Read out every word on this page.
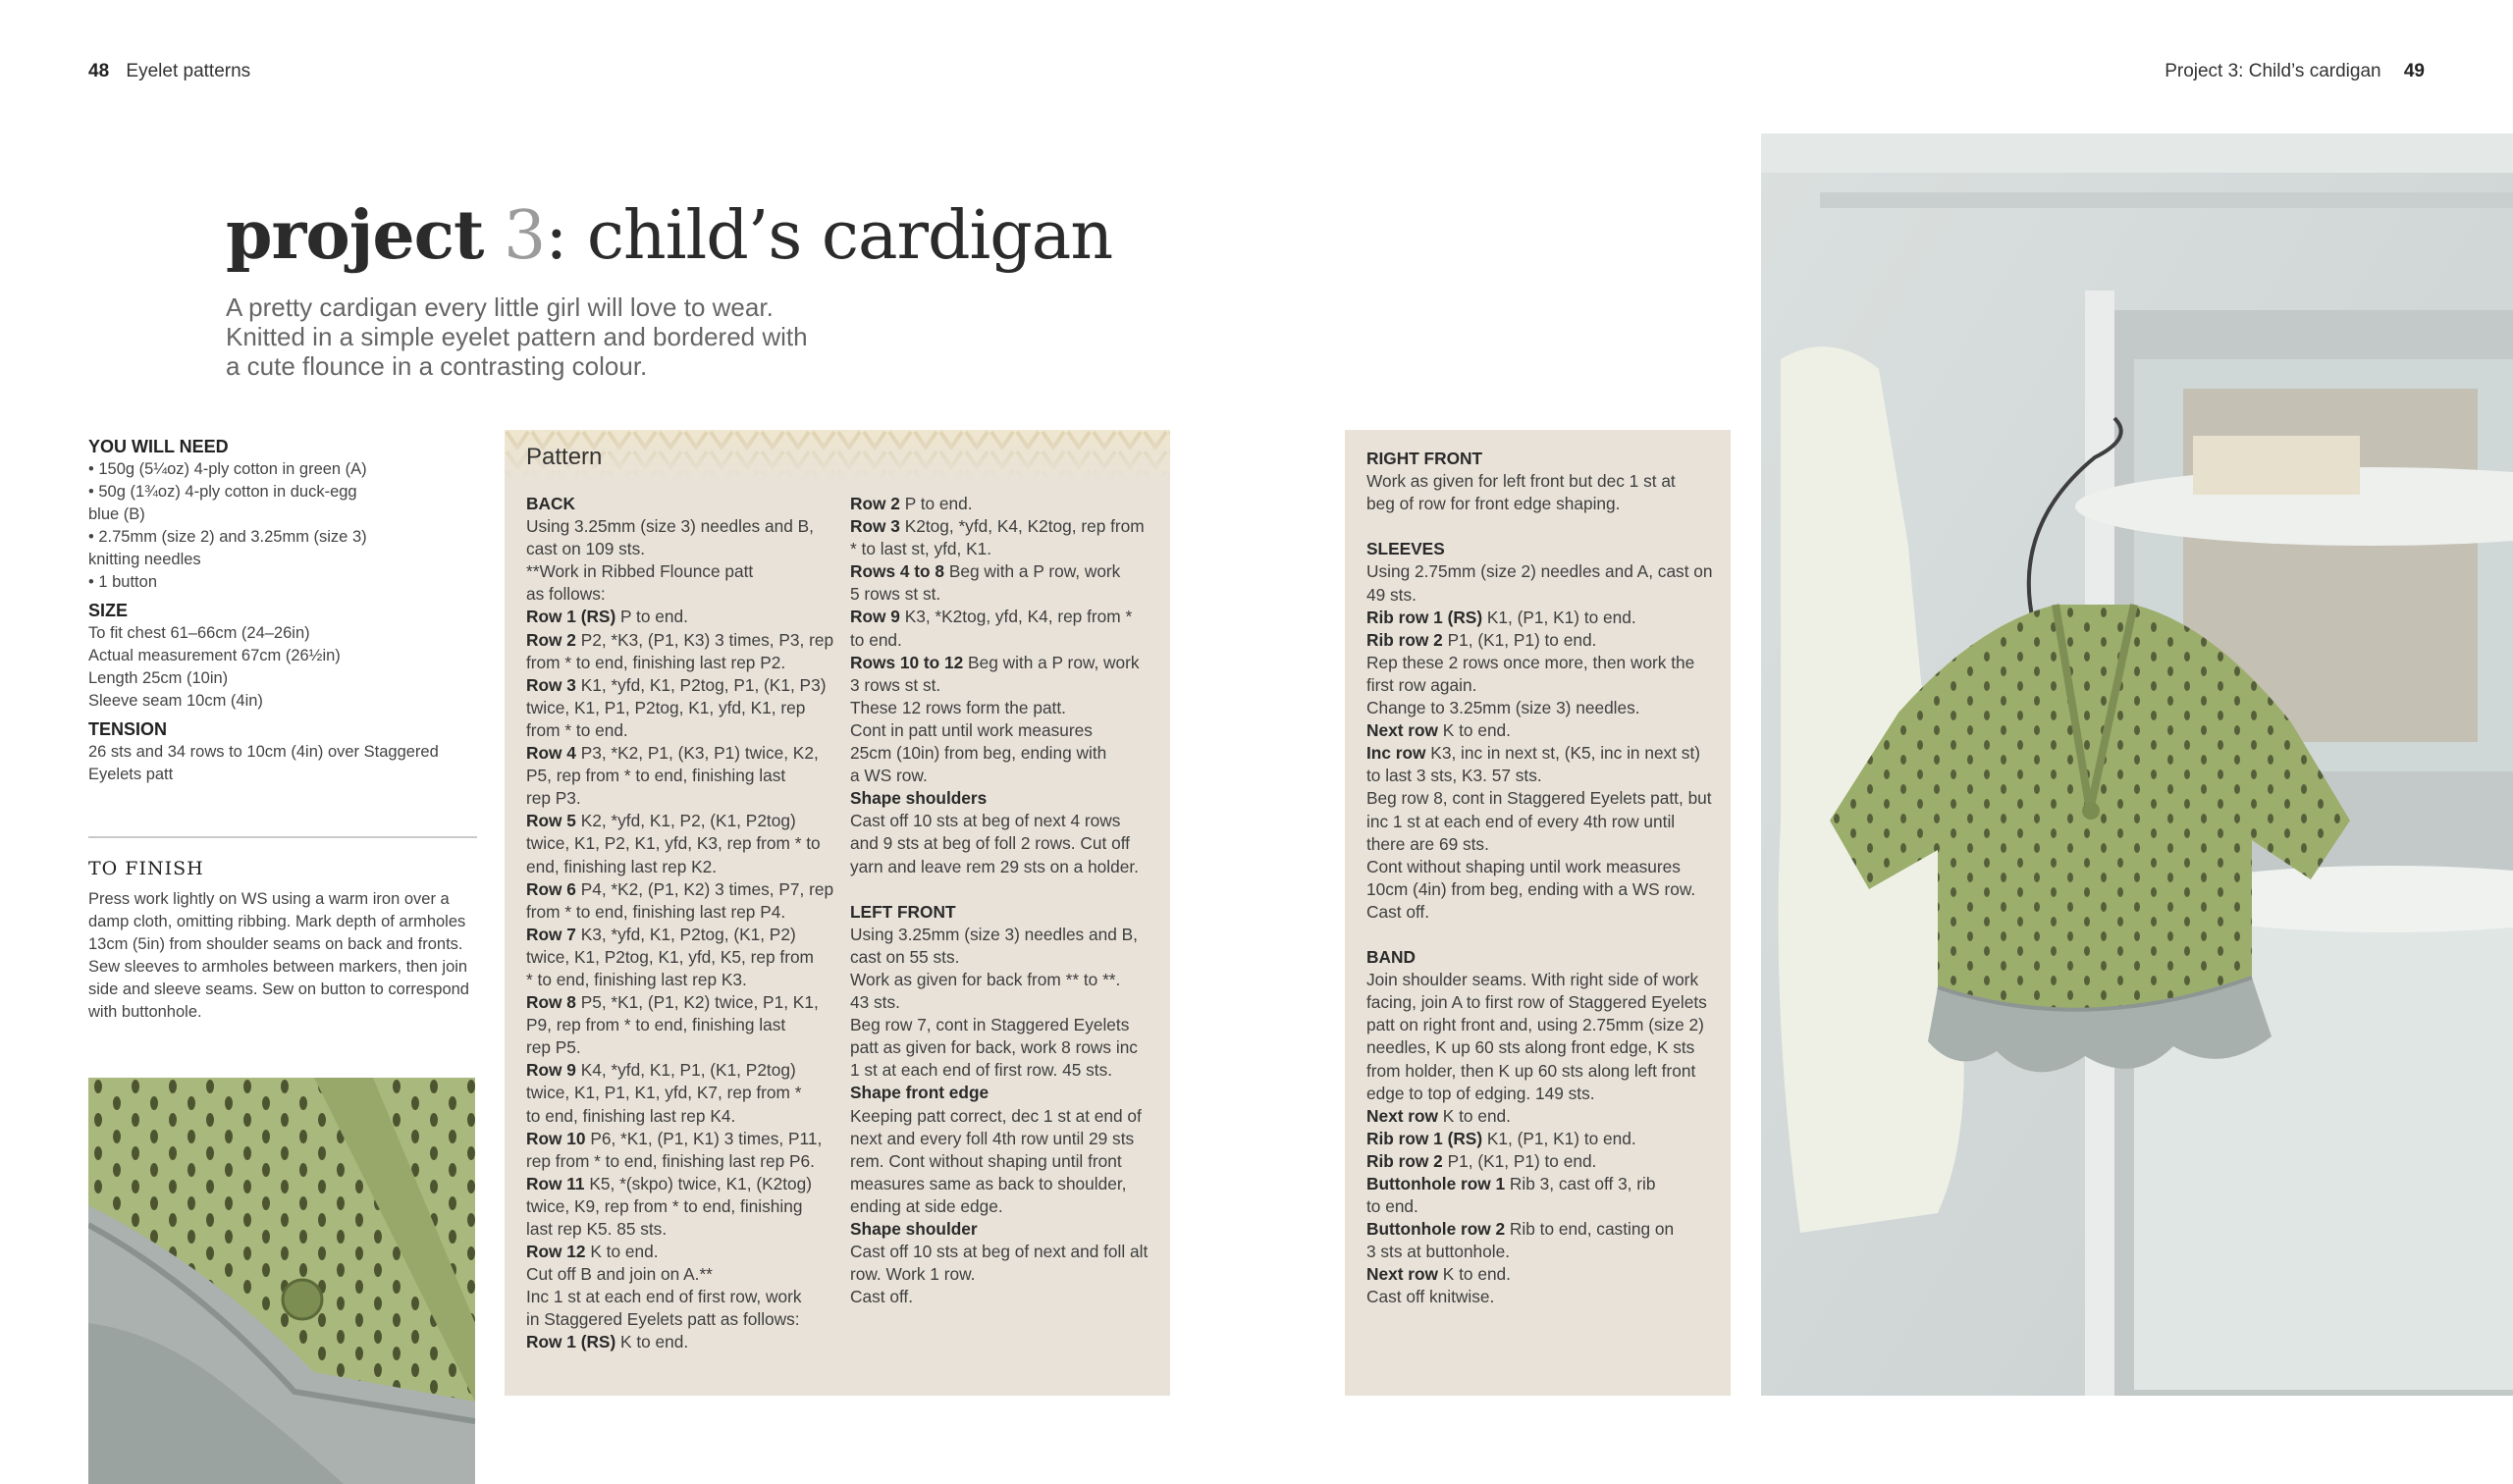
48 Eyelet patterns	Project 3: Child’s cardigan 49
project 3: child’s cardigan
A pretty cardigan every little girl will love to wear.
Knitted in a simple eyelet pattern and bordered with
a cute flounce in a contrasting colour.
YOU WILL NEED
• 150g (5¼oz) 4-ply cotton in green (A)
• 50g (1¾oz) 4-ply cotton in duck-egg
blue (B)
• 2.75mm (size 2) and 3.25mm (size 3)
knitting needles
• 1 button
SIZE
To fit chest 61–66cm (24–26in)
Actual measurement 67cm (26½in)
Length 25cm (10in)
Sleeve seam 10cm (4in)
TENSION
26 sts and 34 rows to 10cm (4in) over Staggered
Eyelets patt
TO FINISH
Press work lightly on WS using a warm iron over a
damp cloth, omitting ribbing. Mark depth of armholes
13cm (5in) from shoulder seams on back and fronts.
Sew sleeves to armholes between markers, then join
side and sleeve seams. Sew on button to correspond
with buttonhole.
Pattern
BACK
Using 3.25mm (size 3) needles and B,
cast on 109 sts.
**Work in Ribbed Flounce patt
as follows:
Row 1 (RS) P to end.
Row 2 P2, *K3, (P1, K3) 3 times, P3, rep
from * to end, finishing last rep P2.
Row 3 K1, *yfd, K1, P2tog, P1, (K1, P3)
twice, K1, P1, P2tog, K1, yfd, K1, rep
from * to end.
Row 4 P3, *K2, P1, (K3, P1) twice, K2,
P5, rep from * to end, finishing last
rep P3.
Row 5 K2, *yfd, K1, P2, (K1, P2tog)
twice, K1, P2, K1, yfd, K3, rep from * to
end, finishing last rep K2.
Row 6 P4, *K2, (P1, K2) 3 times, P7, rep
from * to end, finishing last rep P4.
Row 7 K3, *yfd, K1, P2tog, (K1, P2)
twice, K1, P2tog, K1, yfd, K5, rep from
* to end, finishing last rep K3.
Row 8 P5, *K1, (P1, K2) twice, P1, K1,
P9, rep from * to end, finishing last
rep P5.
Row 9 K4, *yfd, K1, P1, (K1, P2tog)
twice, K1, P1, K1, yfd, K7, rep from *
to end, finishing last rep K4.
Row 10 P6, *K1, (P1, K1) 3 times, P11,
rep from * to end, finishing last rep P6.
Row 11 K5, *(skpo) twice, K1, (K2tog)
twice, K9, rep from * to end, finishing
last rep K5. 85 sts.
Row 12 K to end.
Cut off B and join on A.**
Inc 1 st at each end of first row, work
in Staggered Eyelets patt as follows:
Row 1 (RS) K to end.
Row 2 P to end.
Row 3 K2tog, *yfd, K4, K2tog, rep from
* to last st, yfd, K1.
Rows 4 to 8 Beg with a P row, work
5 rows st st.
Row 9 K3, *K2tog, yfd, K4, rep from *
to end.
Rows 10 to 12 Beg with a P row, work
3 rows st st.
These 12 rows form the patt.
Cont in patt until work measures
25cm (10in) from beg, ending with
a WS row.
Shape shoulders
Cast off 10 sts at beg of next 4 rows
and 9 sts at beg of foll 2 rows. Cut off
yarn and leave rem 29 sts on a holder.
LEFT FRONT
Using 3.25mm (size 3) needles and B,
cast on 55 sts.
Work as given for back from ** to **.
43 sts.
Beg row 7, cont in Staggered Eyelets
patt as given for back, work 8 rows inc
1 st at each end of first row. 45 sts.
Shape front edge
Keeping patt correct, dec 1 st at end of
next and every foll 4th row until 29 sts
rem. Cont without shaping until front
measures same as back to shoulder,
ending at side edge.
Shape shoulder
Cast off 10 sts at beg of next and foll alt
row. Work 1 row.
Cast off.
RIGHT FRONT
Work as given for left front but dec 1 st at
beg of row for front edge shaping.
SLEEVES
Using 2.75mm (size 2) needles and A, cast on
49 sts.
Rib row 1 (RS) K1, (P1, K1) to end.
Rib row 2 P1, (K1, P1) to end.
Rep these 2 rows once more, then work the
first row again.
Change to 3.25mm (size 3) needles.
Next row K to end.
Inc row K3, inc in next st, (K5, inc in next st)
to last 3 sts, K3. 57 sts.
Beg row 8, cont in Staggered Eyelets patt, but
inc 1 st at each end of every 4th row until
there are 69 sts.
Cont without shaping until work measures
10cm (4in) from beg, ending with a WS row.
Cast off.
BAND
Join shoulder seams. With right side of work
facing, join A to first row of Staggered Eyelets
patt on right front and, using 2.75mm (size 2)
needles, K up 60 sts along front edge, K sts
from holder, then K up 60 sts along left front
edge to top of edging. 149 sts.
Next row K to end.
Rib row 1 (RS) K1, (P1, K1) to end.
Rib row 2 P1, (K1, P1) to end.
Buttonhole row 1 Rib 3, cast off 3, rib
to end.
Buttonhole row 2 Rib to end, casting on
3 sts at buttonhole.
Next row K to end.
Cast off knitwise.
